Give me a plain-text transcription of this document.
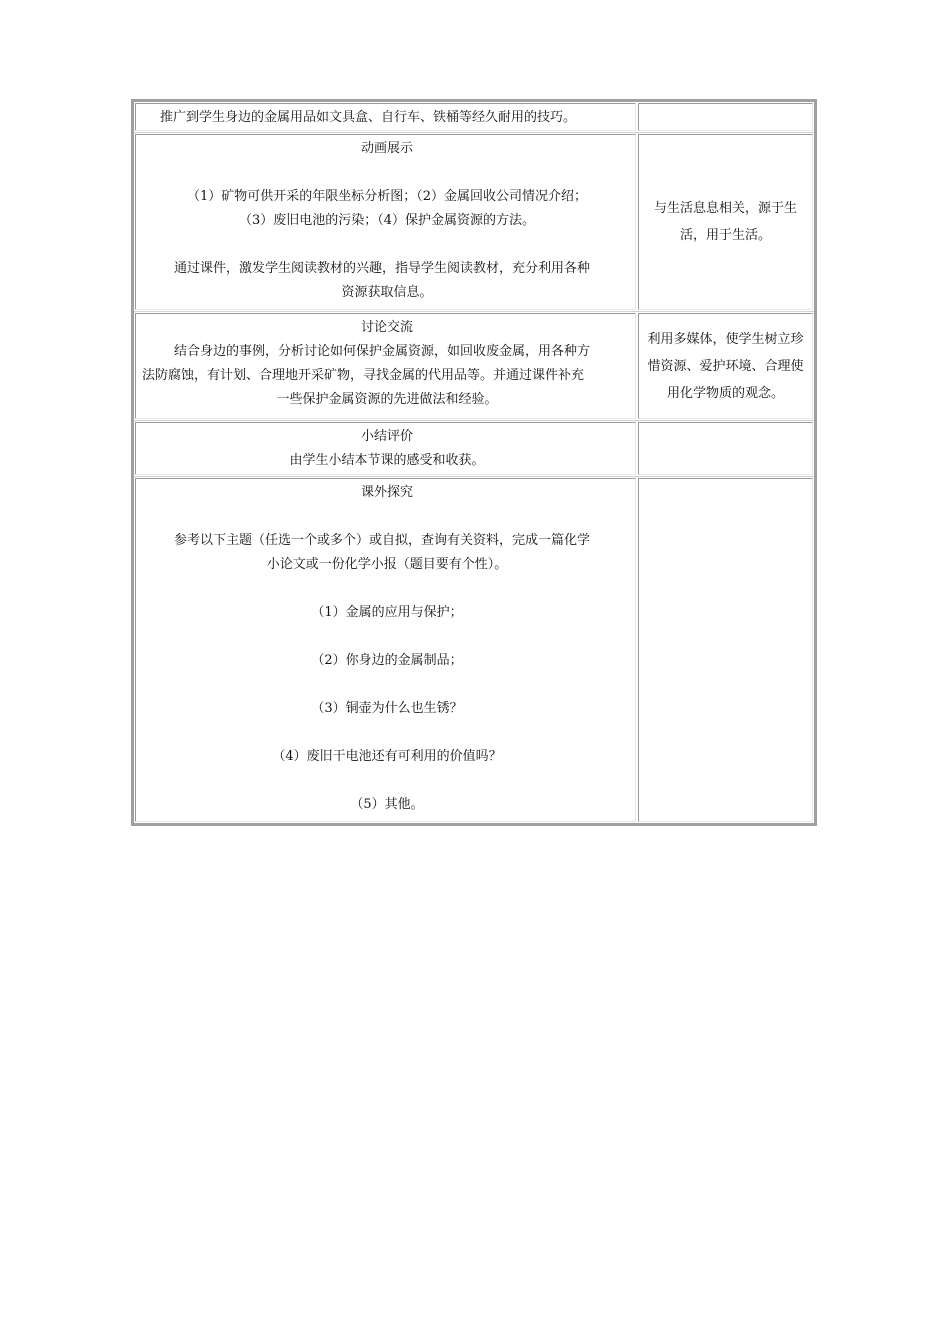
推广到学生身边的金属用品如文具盒、自行车、铁桶等经久耐用的技巧。

动画展示

（1）矿物可供开采的年限坐标分析图；（2）金属回收公司情况介绍；

（3）废旧电池的污染；（4）保护金属资源的方法。

通过课件，激发学生阅读教材的兴趣，指导学生阅读教材，充分利用各种

资源获取信息。

与生活息息相关，源于生活，用于生活。

讨论交流

结合身边的事例，分析讨论如何保护金属资源，如回收废金属，用各种方

法防腐蚀，有计划、合理地开采矿物，寻找金属的代用品等。并通过课件补充

一些保护金属资源的先进做法和经验。

利用多媒体，使学生树立珍惜资源、爱护环境、合理使用化学物质的观念。

小结评价

由学生小结本节课的感受和收获。

课外探究

参考以下主题（任选一个或多个）或自拟，查询有关资料，完成一篇化学

小论文或一份化学小报（题目要有个性）。

（1）金属的应用与保护；

（2）你身边的金属制品；

（3）铜壶为什么也生锈？

（4）废旧干电池还有可利用的价值吗？

（5）其他。
